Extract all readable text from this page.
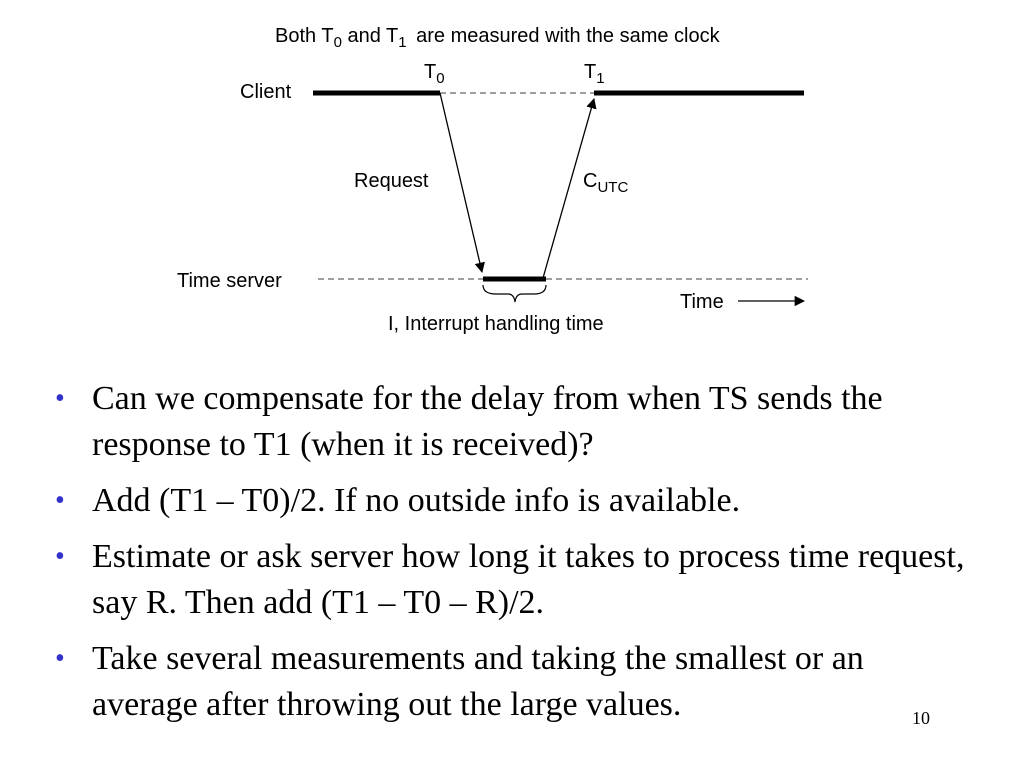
Both $T_0$ and $T_1$ are measured with the same clock
$T_0$	$T_1$
Client
Request	$C_{UTC}$
Time server
I, Interrupt handling time
Time
• Can we compensate for the delay from when TS sends the response to T1 (when it is received)?
• Add (T1 – T0)/2. If no outside info is available.
• Estimate or ask server how long it takes to process time request, say R. Then add (T1 – T0 – R)/2.
• Take several measurements and taking the smallest or an average after throwing out the large values.	10
